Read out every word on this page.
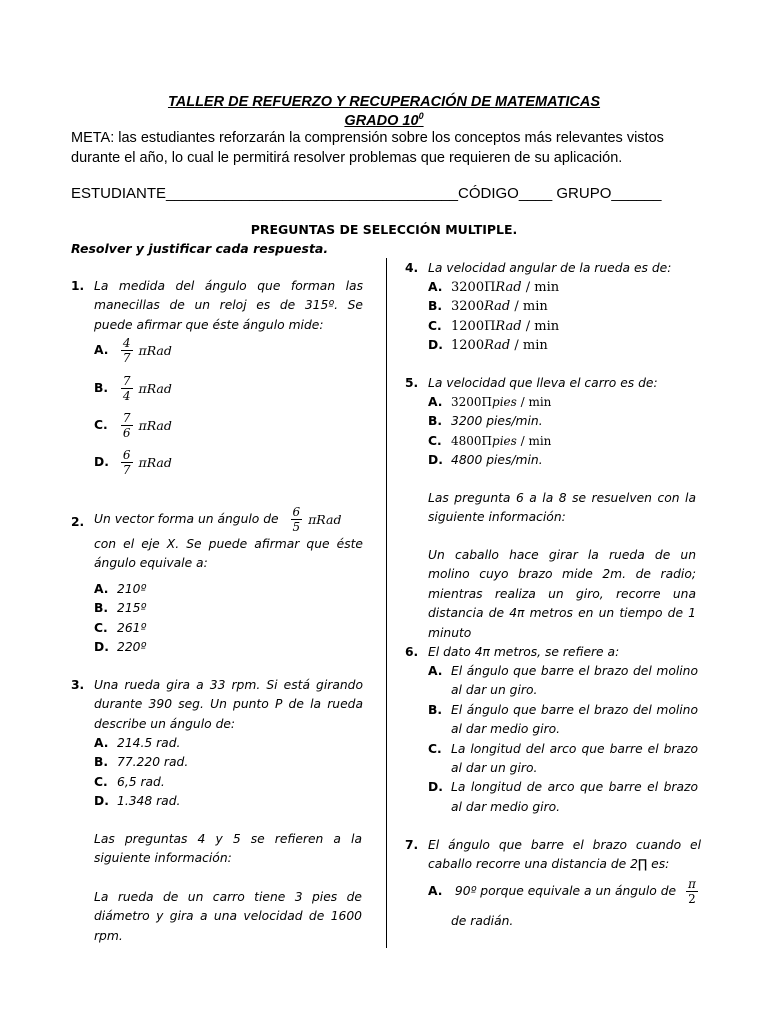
TALLER DE REFUERZO Y RECUPERACIÓN DE MATEMATICAS
GRADO $10^0$
META: las estudiantes reforzarán la comprensión sobre los conceptos más relevantes vistos durante el año, lo cual le permitirá resolver problemas que requieren de su aplicación.
ESTUDIANTE___________________________________CÓDIGO____ GRUPO______
PREGUNTAS DE SELECCIÓN MULTIPLE.
Resolver y justificar cada respuesta.
1. La medida del ángulo que forman las manecillas de un reloj es de 315º. Se puede afirmar que éste ángulo mide:
A. $\frac{4}{7}$ πRad
B. $\frac{7}{4}$ πRad
C. $\frac{7}{6}$ πRad
D. $\frac{6}{7}$ πRad
2. Un vector forma un ángulo de $\frac{6}{5}$ πRad
con el eje X. Se puede afirmar que éste ángulo equivale a:
A. 210º
B. 215º
C. 261º
D. 220º
3. Una rueda gira a 33 rpm. Si está girando durante 390 seg. Un punto P de la rueda describe un ángulo de:
A. 214.5 rad.
B. 77.220 rad.
C. 6,5 rad.
D. 1.348 rad.
Las preguntas 4 y 5 se refieren a la siguiente información:
La rueda de un carro tiene 3 pies de diámetro y gira a una velocidad de 1600 rpm.
4. La velocidad angular de la rueda es de:
A. 3200ΠRad / min
B. 3200Rad / min
C. 1200ΠRad / min
D. 1200Rad / min
5. La velocidad que lleva el carro es de:
A. 3200Πpies / min
B. 3200 pies/min.
C. 4800Πpies / min
D. 4800 pies/min.
Las pregunta 6 a la 8 se resuelven con la siguiente información:
Un caballo hace girar la rueda de un molino cuyo brazo mide 2m. de radio; mientras realiza un giro, recorre una distancia de 4π metros en un tiempo de 1 minuto
6. El dato 4π metros, se refiere a:
A. El ángulo que barre el brazo del molino al dar un giro.
B. El ángulo que barre el brazo del molino al dar medio giro.
C. La longitud del arco que barre el brazo al dar un giro.
D. La longitud de arco que barre el brazo al dar medio giro.
7. El ángulo que barre el brazo cuando el caballo recorre una distancia de 2∏ es:
A. 90º porque equivale a un ángulo de $\frac{\pi}{2}$
de radián.
